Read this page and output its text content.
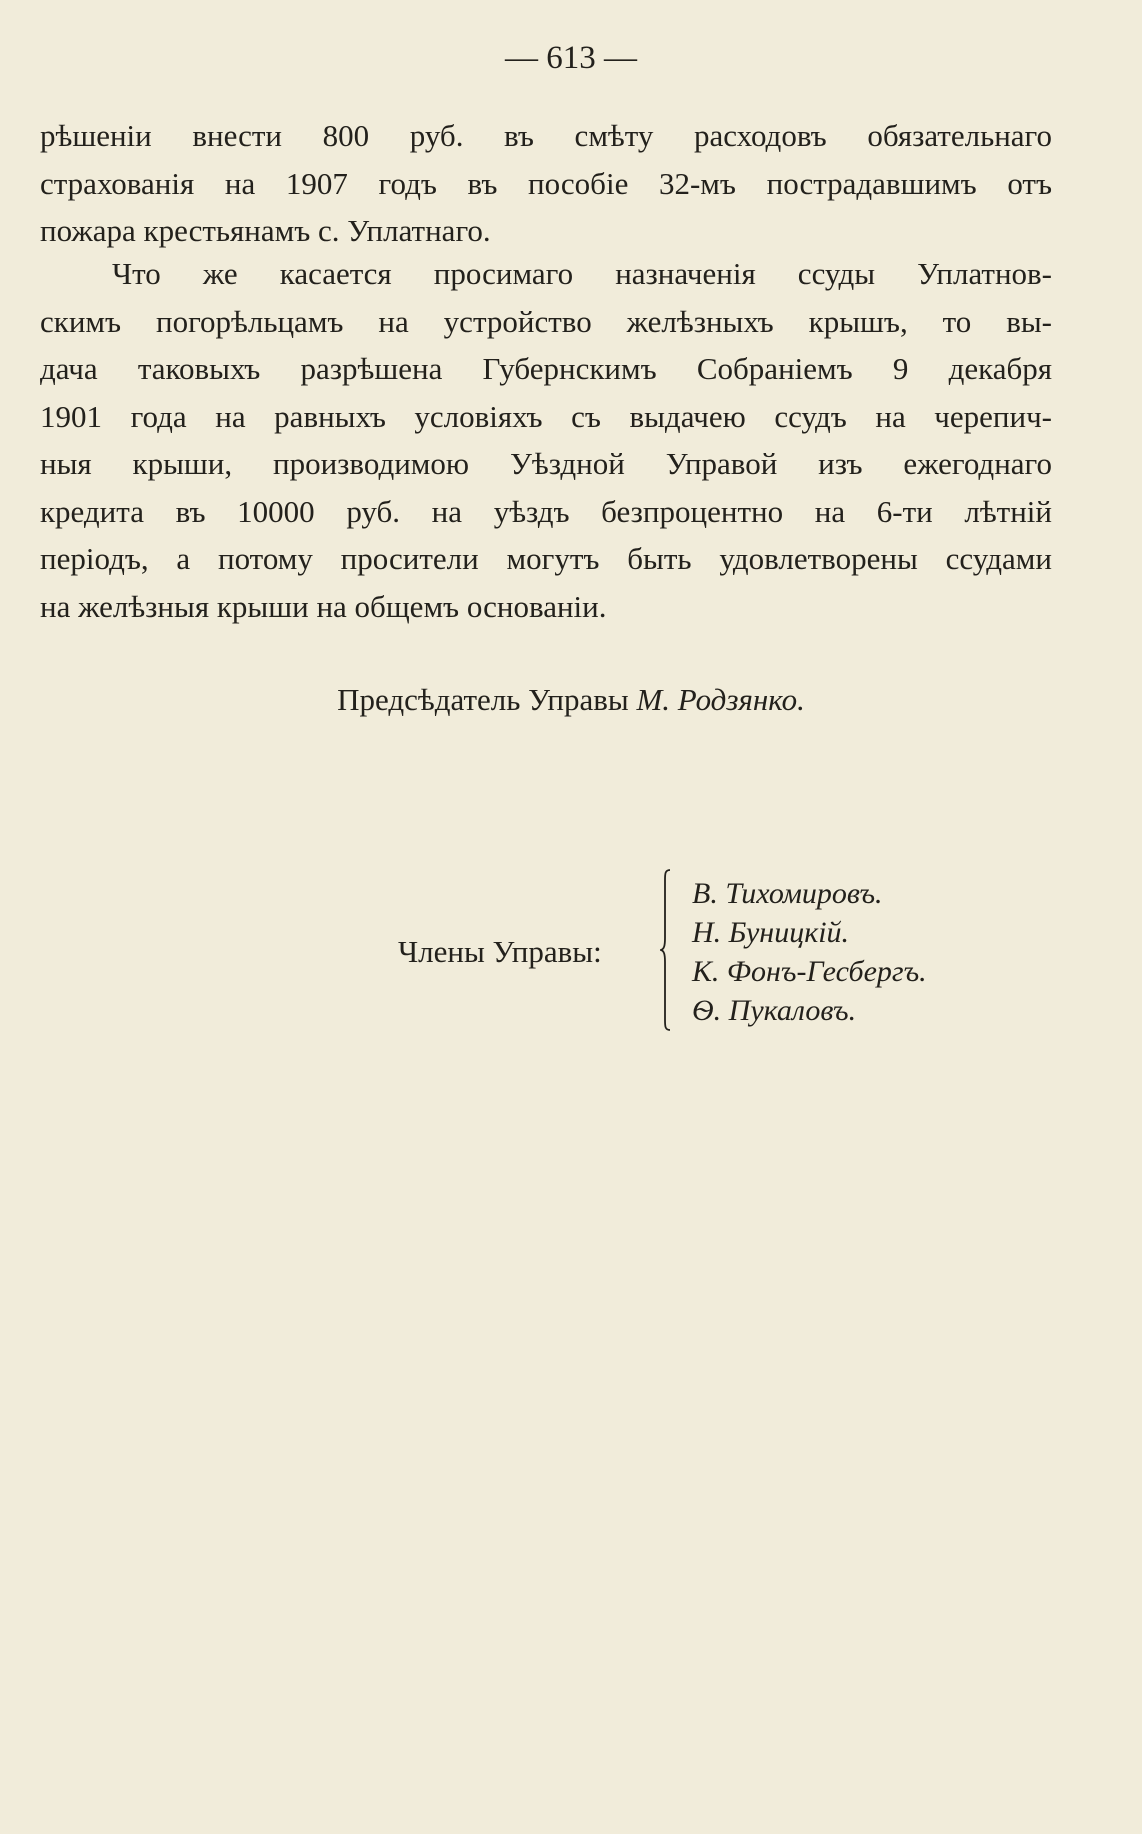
— 613 —
рѣшеніи внести 800 руб. въ смѣту расходовъ обязательнаго
страхованія на 1907 годъ въ пособіе 32-мъ пострадавшимъ отъ
пожара крестьянамъ с. Уплатнаго.
Что же касается просимаго назначенія ссуды Уплатнов-
скимъ погорѣльцамъ на устройство желѣзныхъ крышъ, то вы-
дача таковыхъ разрѣшена Губернскимъ Собраніемъ 9 декабря
1901 года на равныхъ условіяхъ съ выдачею ссудъ на черепич-
ныя крыши, производимою Уѣздной Управой изъ ежегоднаго
кредита въ 10000 руб. на уѣздъ безпроцентно на 6-ти лѣтній
періодъ, а потому просители могутъ быть удовлетворены ссудами
на желѣзныя крыши на общемъ основаніи.
Предсѣдатель Управы М. Родзянко.
Члены Управы:
В. Тихомировъ.
Н. Буницкій.
К. Фонъ-Гесбергъ.
Ѳ. Пукаловъ.
